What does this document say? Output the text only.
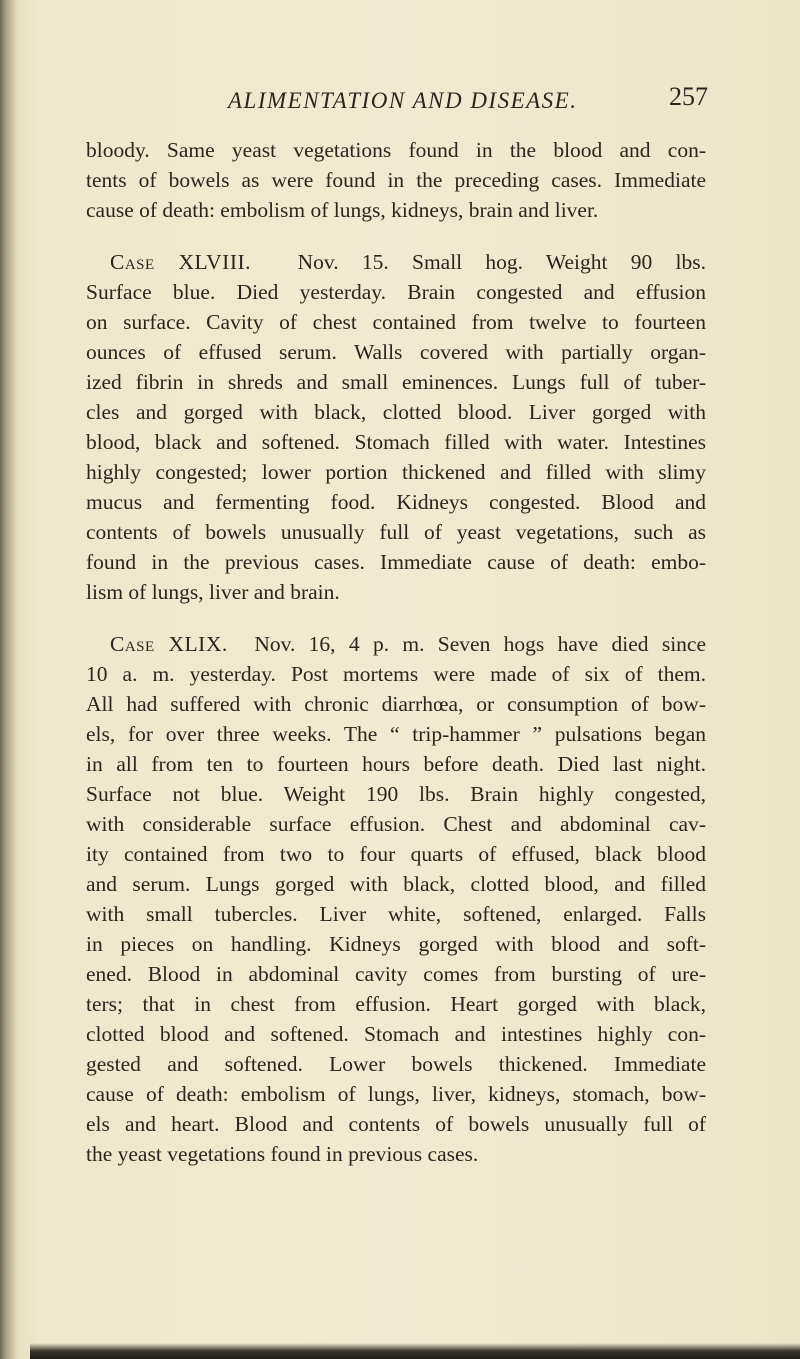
ALIMENTATION AND DISEASE.	257
bloody. Same yeast vegetations found in the blood and con-
tents of bowels as were found in the preceding cases. Immediate
cause of death: embolism of lungs, kidneys, brain and liver.
Case XLVIII. Nov. 15. Small hog. Weight 90 lbs.
Surface blue. Died yesterday. Brain congested and effusion
on surface. Cavity of chest contained from twelve to fourteen
ounces of effused serum. Walls covered with partially organ-
ized fibrin in shreds and small eminences. Lungs full of tuber-
cles and gorged with black, clotted blood. Liver gorged with
blood, black and softened. Stomach filled with water. Intestines
highly congested; lower portion thickened and filled with slimy
mucus and fermenting food. Kidneys congested. Blood and
contents of bowels unusually full of yeast vegetations, such as
found in the previous cases. Immediate cause of death: embo-
lism of lungs, liver and brain.
Case XLIX. Nov. 16, 4 p. m. Seven hogs have died since
10 a. m. yesterday. Post mortems were made of six of them.
All had suffered with chronic diarrhœa, or consumption of bow-
els, for over three weeks. The “ trip-hammer ” pulsations began
in all from ten to fourteen hours before death. Died last night.
Surface not blue. Weight 190 lbs. Brain highly congested,
with considerable surface effusion. Chest and abdominal cav-
ity contained from two to four quarts of effused, black blood
and serum. Lungs gorged with black, clotted blood, and filled
with small tubercles. Liver white, softened, enlarged. Falls
in pieces on handling. Kidneys gorged with blood and soft-
ened. Blood in abdominal cavity comes from bursting of ure-
ters; that in chest from effusion. Heart gorged with black,
clotted blood and softened. Stomach and intestines highly con-
gested and softened. Lower bowels thickened. Immediate
cause of death: embolism of lungs, liver, kidneys, stomach, bow-
els and heart. Blood and contents of bowels unusually full of
the yeast vegetations found in previous cases.
